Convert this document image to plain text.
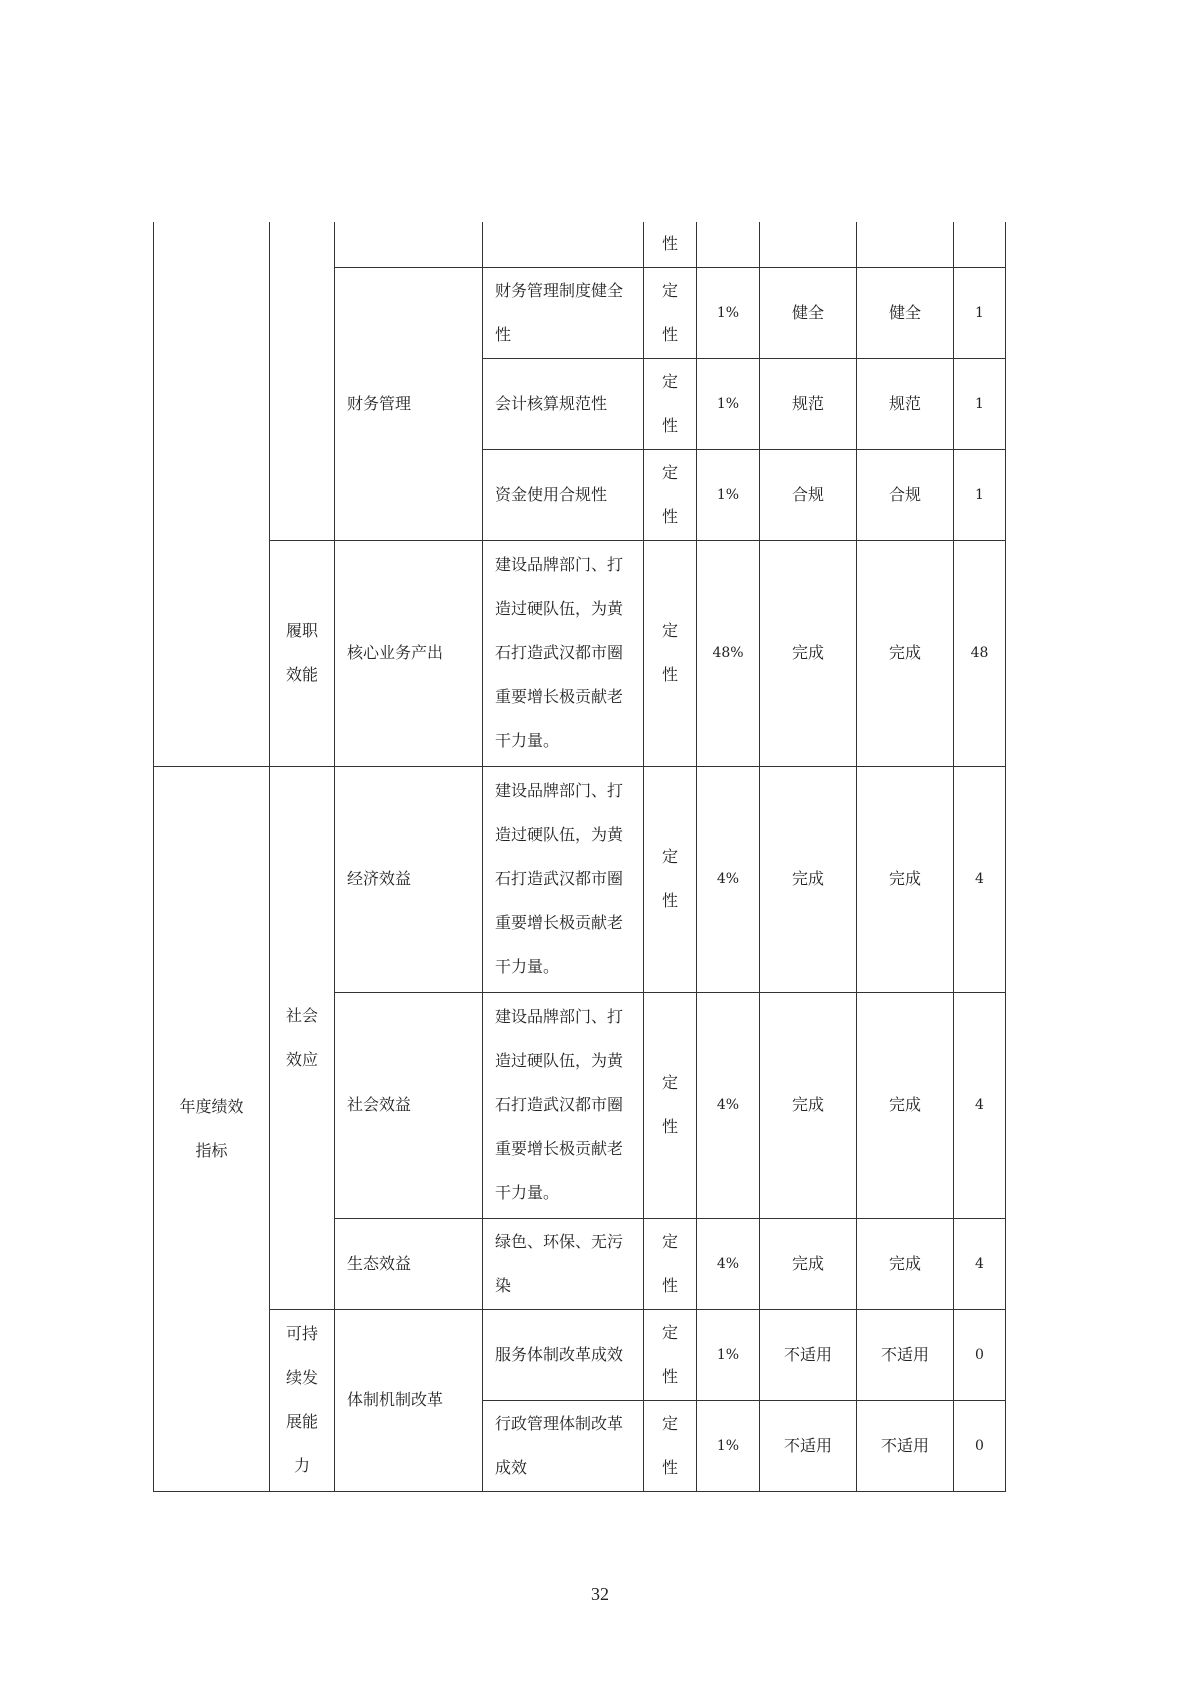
				性				
		财务管理	财务管理制度健全性	定性	1%	健全	健全	1
			会计核算规范性	定性	1%	规范	规范	1
			资金使用合规性	定性	1%	合规	合规	1
	履职效能	核心业务产出	建设品牌部门、打造过硬队伍，为黄石打造武汉都市圈重要增长极贡献老干力量。	定性	48%	完成	完成	48
年度绩效指标	社会效应	经济效益	建设品牌部门、打造过硬队伍，为黄石打造武汉都市圈重要增长极贡献老干力量。	定性	4%	完成	完成	4
		社会效益	建设品牌部门、打造过硬队伍，为黄石打造武汉都市圈重要增长极贡献老干力量。	定性	4%	完成	完成	4
		生态效益	绿色、环保、无污染	定性	4%	完成	完成	4
	可持续发展能力	体制机制改革	服务体制改革成效	定性	1%	不适用	不适用	0
			行政管理体制改革成效	定性	1%	不适用	不适用	0
32
